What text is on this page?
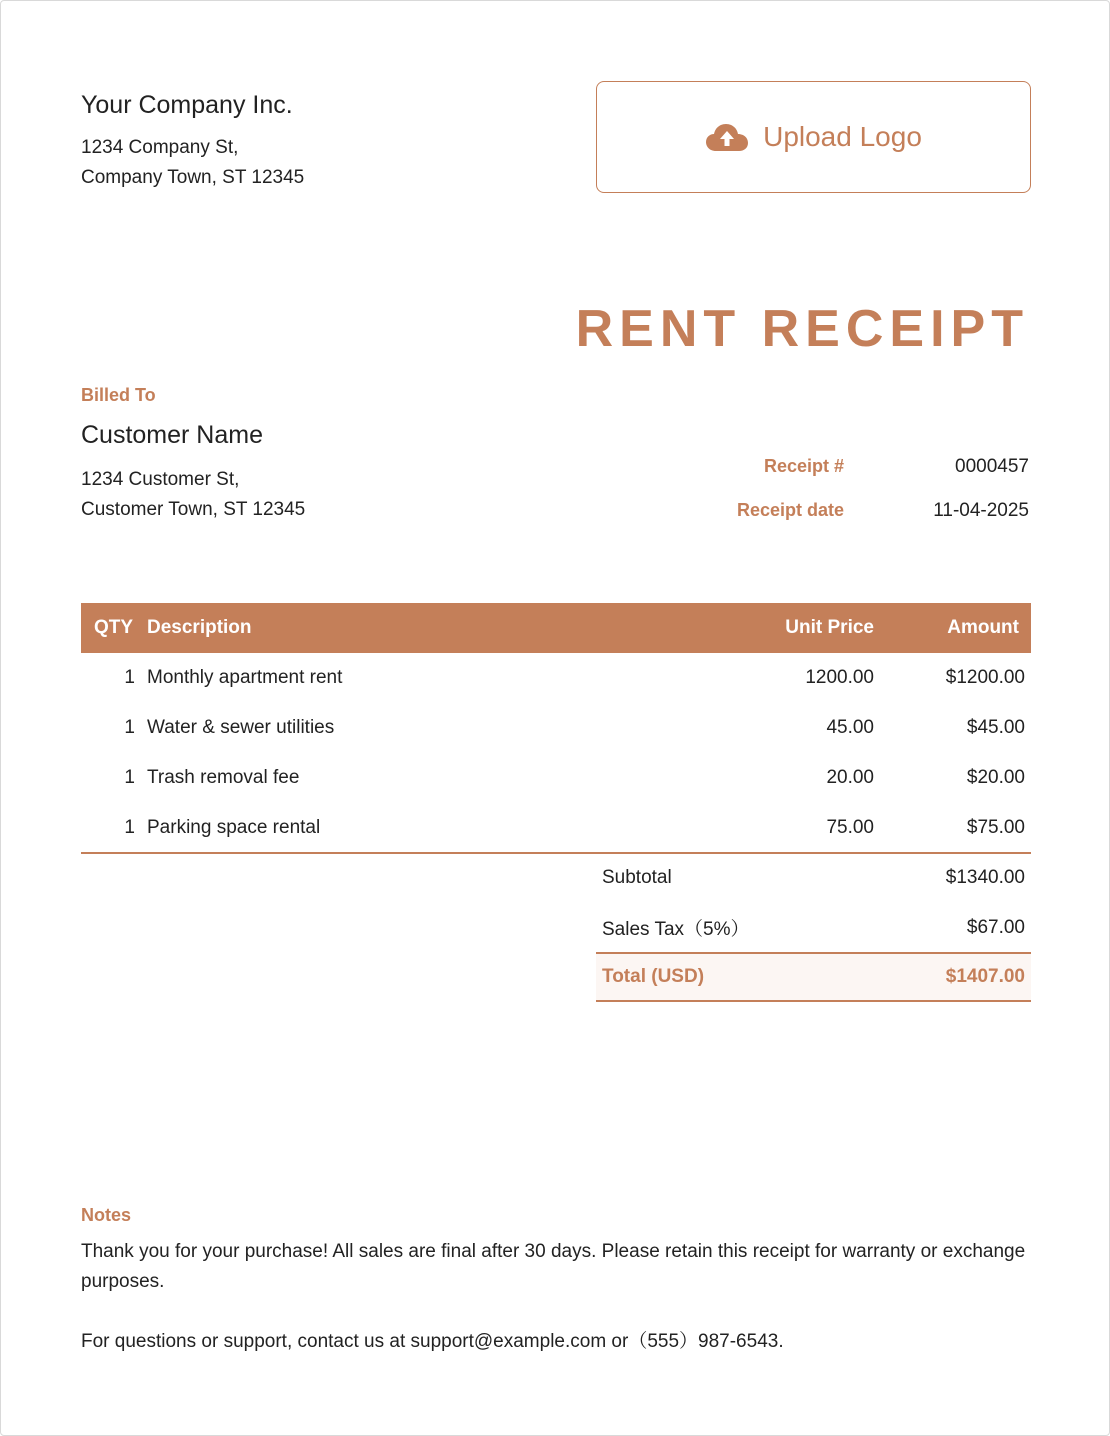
Your Company Inc.
1234 Company St,
Company Town, ST 12345
Upload Logo
RENT RECEIPT
Billed To
Customer Name
1234 Customer St,
Customer Town, ST 12345
Receipt #	0000457
Receipt date	11-04-2025
QTY	Description	Unit Price	Amount
1	Monthly apartment rent	1200.00	$1200.00
1	Water & sewer utilities	45.00	$45.00
1	Trash removal fee	20.00	$20.00
1	Parking space rental	75.00	$75.00
Subtotal	$1340.00
Sales Tax（5%）	$67.00
Total (USD)	$1407.00
Notes
Thank you for your purchase! All sales are final after 30 days. Please retain this receipt for warranty or exchange purposes.
For questions or support, contact us at support@example.com or（555）987-6543.
